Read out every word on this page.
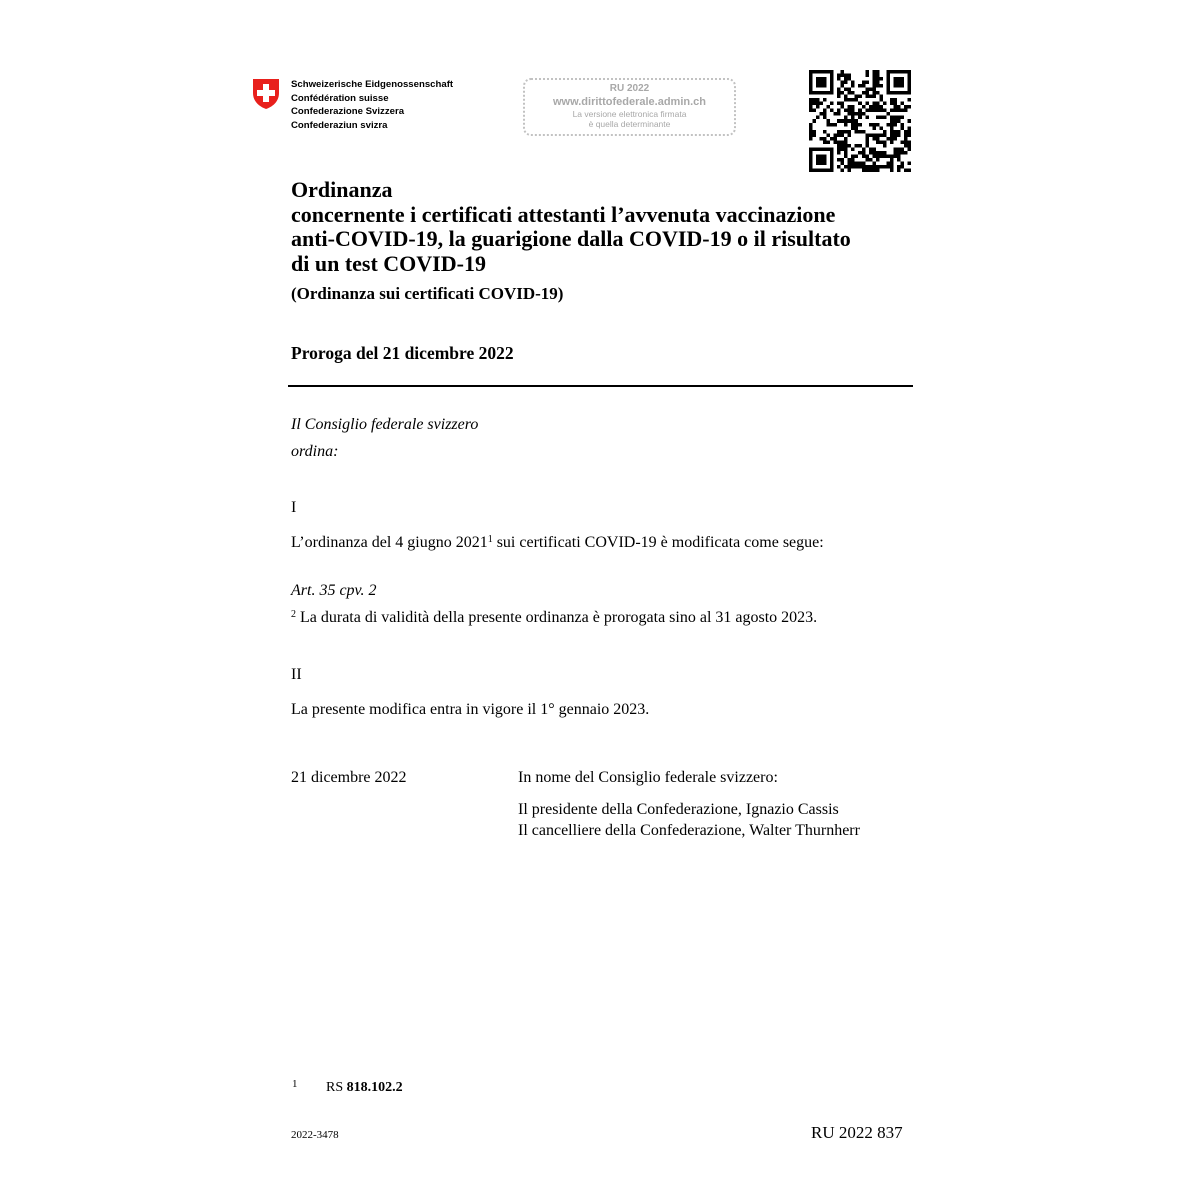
Schweizerische Eidgenossenschaft
Confédération suisse
Confederazione Svizzera
Confederaziun svizra
RU 2022
www.dirittofederale.admin.ch
La versione elettronica firmata
è quella determinante
Ordinanza
concernente i certificati attestanti l’avvenuta vaccinazione
anti-COVID-19, la guarigione dalla COVID-19 o il risultato
di un test COVID-19
(Ordinanza sui certificati COVID-19)
Proroga del 21 dicembre 2022
Il Consiglio federale svizzero
ordina:
I
L’ordinanza del 4 giugno 2021$^1$ sui certificati COVID-19 è modificata come segue:
Art. 35 cpv. 2
$^2$ La durata di validità della presente ordinanza è prorogata sino al 31 agosto 2023.
II
La presente modifica entra in vigore il 1° gennaio 2023.
21 dicembre 2022	In nome del Consiglio federale svizzero:
Il presidente della Confederazione, Ignazio Cassis
Il cancelliere della Confederazione, Walter Thurnherr
1 RS 818.102.2
2022-3478	RU 2022 837
